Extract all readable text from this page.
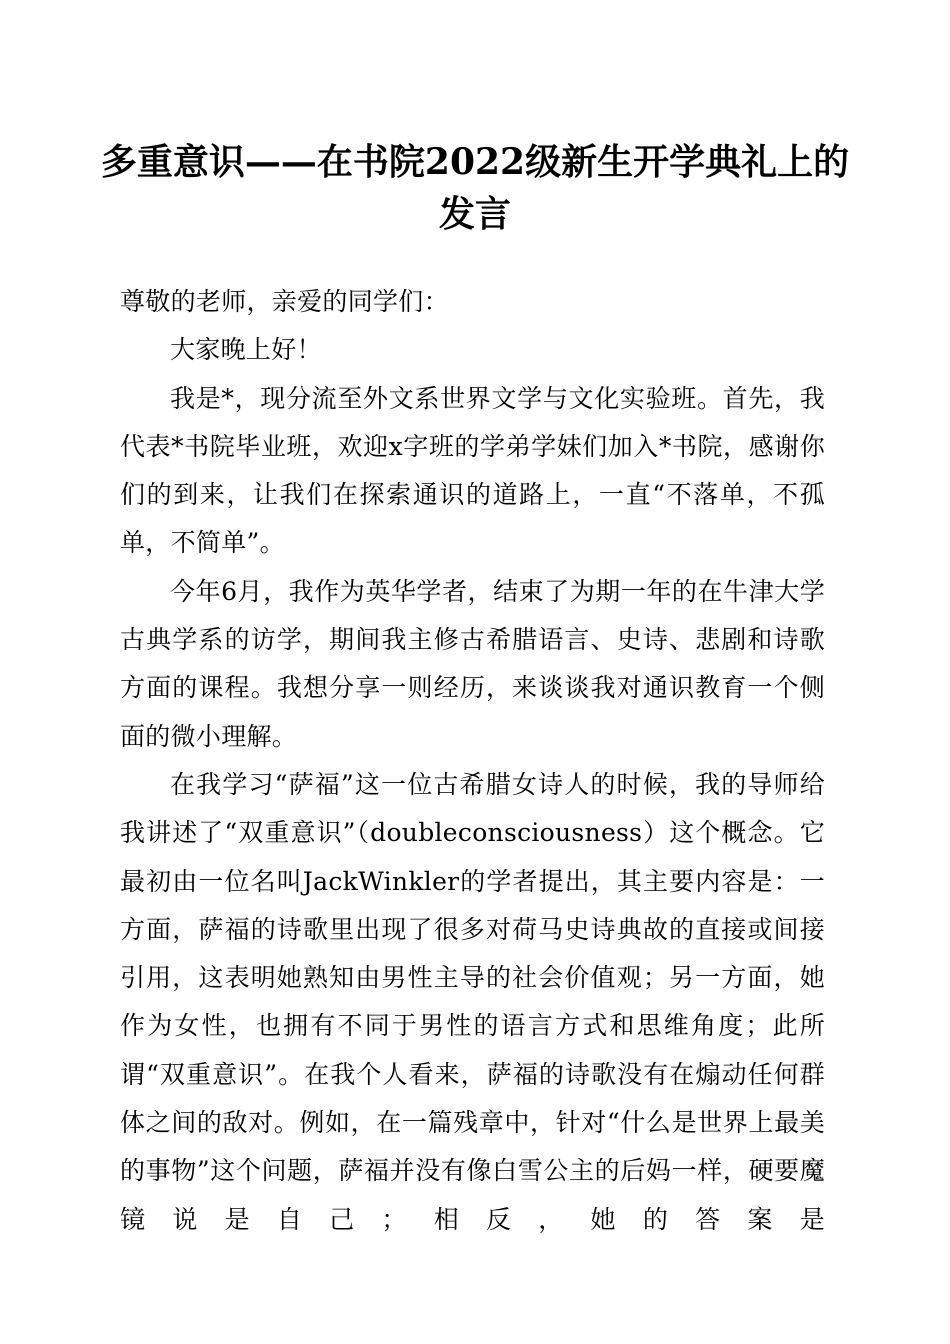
多重意识——在书院2022级新生开学典礼上的发言

尊敬的老师，亲爱的同学们：

大家晚上好！

我是*，现分流至外文系世界文学与文化实验班。首先，我代表*书院毕业班，欢迎x字班的学弟学妹们加入*书院，感谢你们的到来，让我们在探索通识的道路上，一直“不落单，不孤单，不简单”。

今年6月，我作为英华学者，结束了为期一年的在牛津大学古典学系的访学，期间我主修古希腊语言、史诗、悲剧和诗歌方面的课程。我想分享一则经历，来谈谈我对通识教育一个侧面的微小理解。

在我学习“萨福”这一位古希腊女诗人的时候，我的导师给我讲述了“双重意识”（doubleconsciousness）这个概念。它最初由一位名叫JackWinkler的学者提出，其主要内容是：一方面，萨福的诗歌里出现了很多对荷马史诗典故的直接或间接引用，这表明她熟知由男性主导的社会价值观；另一方面，她作为女性，也拥有不同于男性的语言方式和思维角度；此所谓“双重意识”。在我个人看来，萨福的诗歌没有在煽动任何群体之间的敌对。例如，在一篇残章中，针对“什么是世界上最美的事物”这个问题，萨福并没有像白雪公主的后妈一样，硬要魔镜说是自己；相反，她的答案是
